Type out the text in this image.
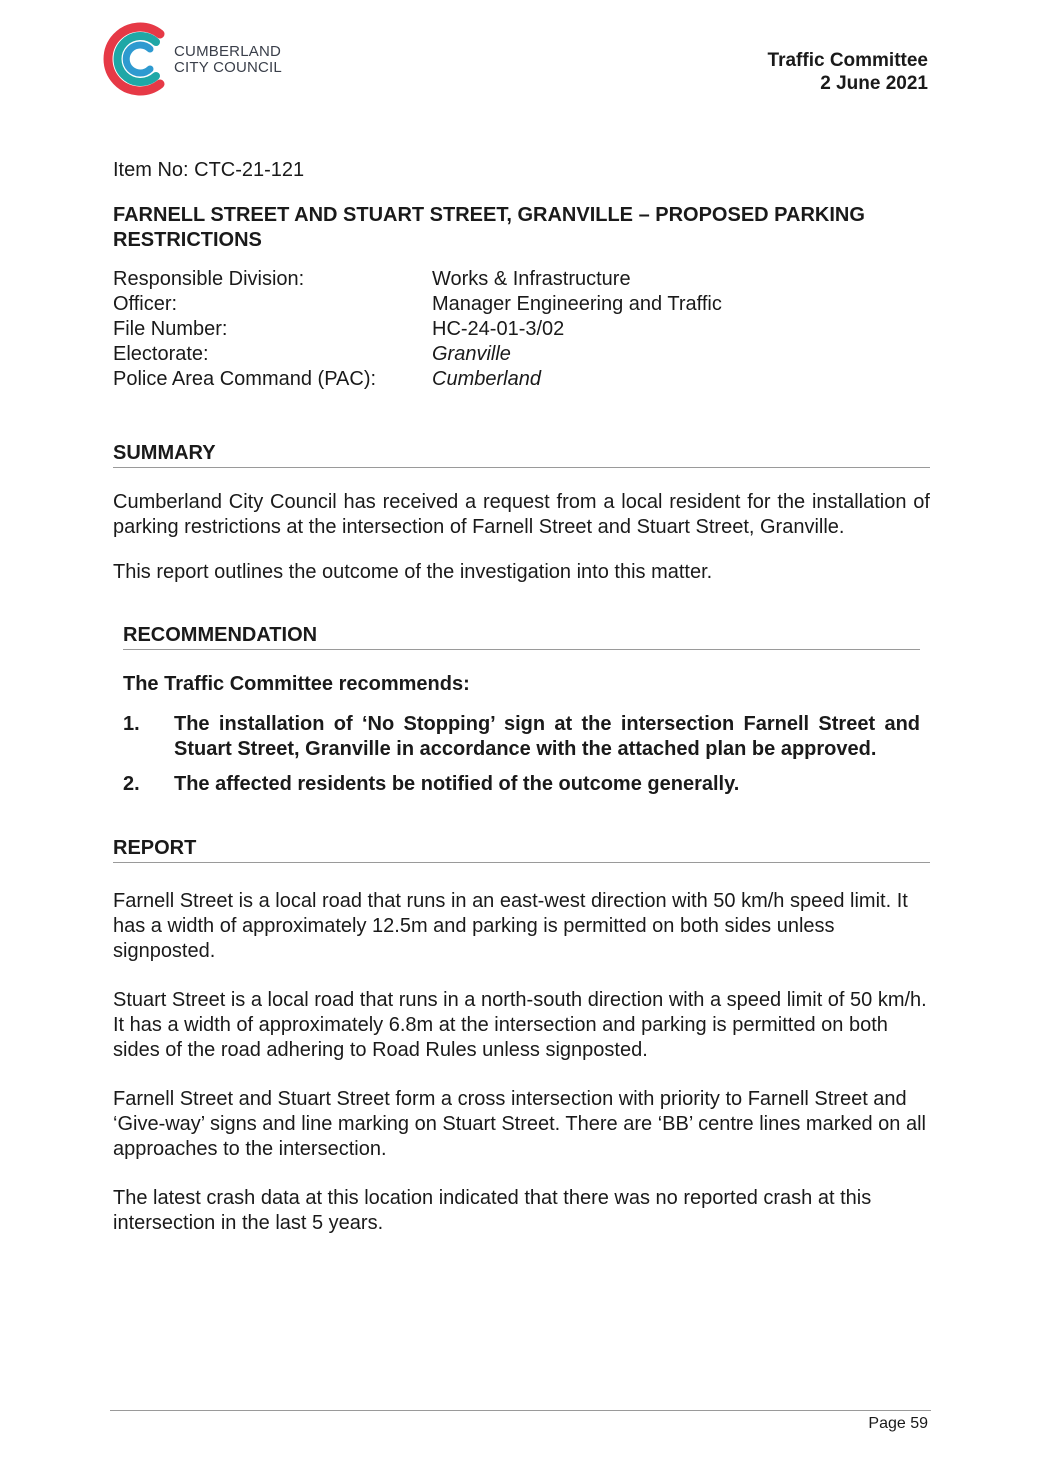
CUMBERLAND
CITY COUNCIL	Traffic Committee
2 June 2021
Item No: CTC-21-121
FARNELL STREET AND STUART STREET, GRANVILLE – PROPOSED PARKING RESTRICTIONS
Responsible Division:	Works & Infrastructure
Officer:	Manager Engineering and Traffic
File Number:	HC-24-01-3/02
Electorate:	Granville
Police Area Command (PAC):	Cumberland
SUMMARY

Cumberland City Council has received a request from a local resident for the installation of parking restrictions at the intersection of Farnell Street and Stuart Street, Granville.

This report outlines the outcome of the investigation into this matter.

RECOMMENDATION
The Traffic Committee recommends:
1.	The installation of ‘No Stopping’ sign at the intersection Farnell Street and Stuart Street, Granville in accordance with the attached plan be approved.
2.	The affected residents be notified of the outcome generally.
REPORT

Farnell Street is a local road that runs in an east-west direction with 50 km/h speed limit. It has a width of approximately 12.5m and parking is permitted on both sides unless signposted.

Stuart Street is a local road that runs in a north-south direction with a speed limit of 50 km/h. It has a width of approximately 6.8m at the intersection and parking is permitted on both sides of the road adhering to Road Rules unless signposted.

Farnell Street and Stuart Street form a cross intersection with priority to Farnell Street and ‘Give-way’ signs and line marking on Stuart Street. There are ‘BB’ centre lines marked on all approaches to the intersection.

The latest crash data at this location indicated that there was no reported crash at this intersection in the last 5 years.

Page 59
